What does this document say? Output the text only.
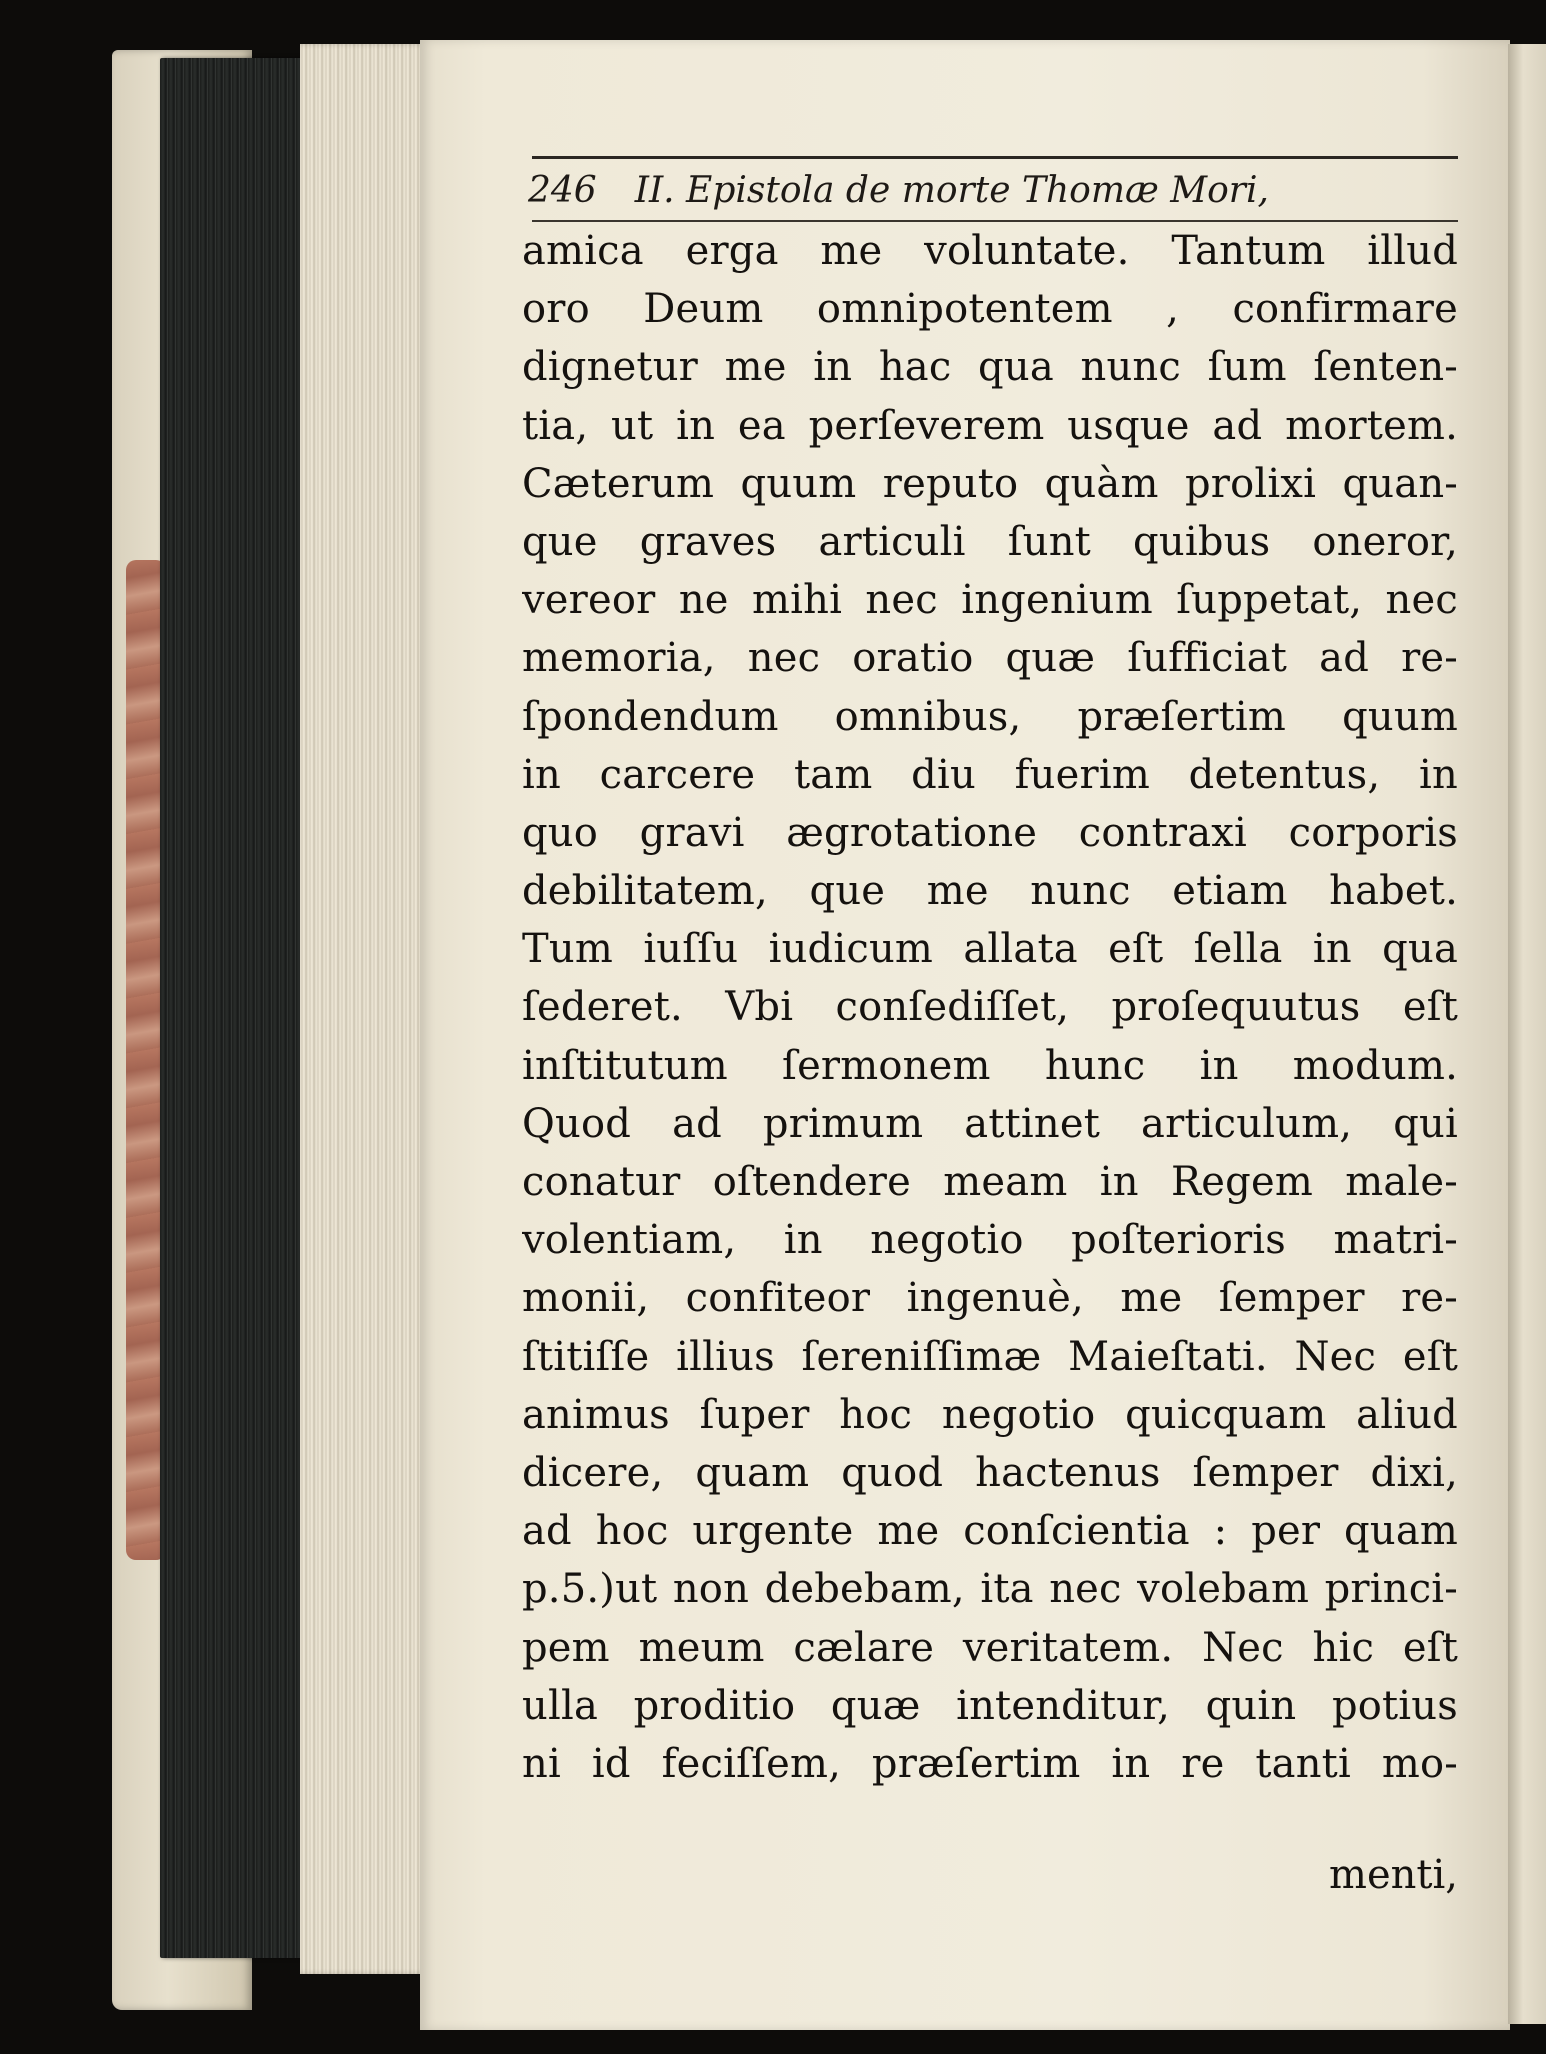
246 II. Epistola de morte Thomæ Mori,
amica erga me voluntate. Tantum illud
oro Deum omnipotentem , confirmare
dignetur me in hac qua nunc ſum ſenten-
tia, ut in ea perſeverem usque ad mortem.
Cæterum quum reputo quàm prolixi quan-
que graves articuli ſunt quibus oneror,
vereor ne mihi nec ingenium ſuppetat, nec
memoria, nec oratio quæ ſufficiat ad re-
ſpondendum omnibus, præſertim quum
in carcere tam diu fuerim detentus, in
quo gravi ægrotatione contraxi corporis
debilitatem, que me nunc etiam habet.
Tum iuſſu iudicum allata eſt ſella in qua
ſederet. Vbi conſediſſet, proſequutus eſt
inſtitutum ſermonem hunc in modum.
Quod ad primum attinet articulum, qui
conatur oſtendere meam in Regem male-
volentiam, in negotio poſterioris matri-
monii, confiteor ingenuè, me ſemper re-
ſtitiſſe illius ſereniſſimæ Maieſtati. Nec eſt
animus ſuper hoc negotio quicquam aliud
dicere, quam quod hactenus ſemper dixi,
ad hoc urgente me conſcientia : per quam
p.5.)ut non debebam, ita nec volebam princi-
pem meum cælare veritatem. Nec hic eſt
ulla proditio quæ intenditur, quin potius
ni id feciſſem, præſertim in re tanti mo-
menti,
